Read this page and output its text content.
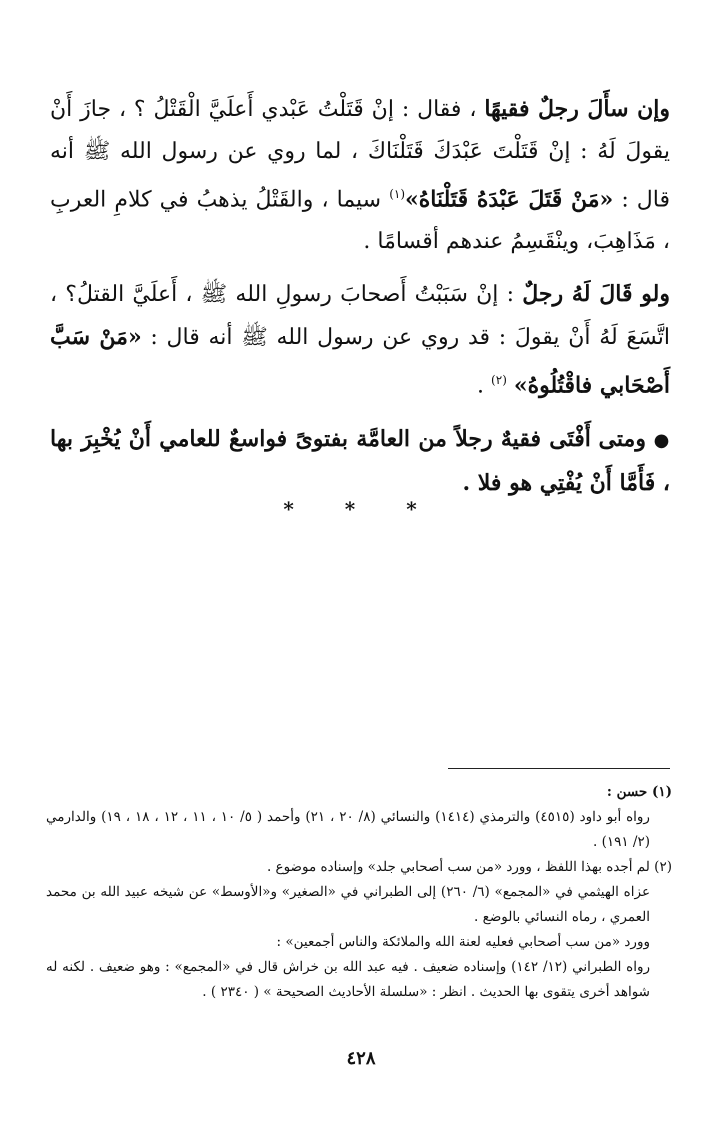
وإن سأَلَ رجلٌ فقيهًا ، فقال : إنْ قَتَلْتُ عَبْدي أَعلَيَّ الْقَتْلُ ؟ ، جازَ أَنْ يقولَ لَهُ : إنْ قَتَلْتَ عَبْدَكَ قَتَلْنَاكَ ، لما روي عن رسول الله ﷺ أنه قال : «مَنْ قَتَلَ عَبْدَهُ قَتَلْنَاهُ»$^{(١)}$ سيما ، والقَتْلُ يذهبُ في كلامِ العربِ ، مَذَاهِبَ، وينْقَسِمُ عندهم أقسامًا .

ولو قَالَ لَهُ رجلٌ : إنْ سَبَبْتُ أَصحابَ رسولِ الله ﷺ ، أَعلَيَّ القتلُ؟ ، اتَّسَعَ لَهُ أَنْ يقولَ : قد روي عن رسول الله ﷺ أنه قال : «مَنْ سَبَّ أَصْحَابي فاقْتُلُوهُ» $^{(٢)}$ .

● ومتى أَفْتَى فقيهٌ رجلاً من العامَّة بفتوىً فواسعٌ للعامي أَنْ يُخْبِرَ بها ، فَأَمَّا أَنْ يُفْتِي هو فلا .

* * *

(١) حسن :

رواه أبو داود (٤٥١٥) والترمذي (١٤١٤) والنسائي (٨/ ٢٠ ، ٢١) وأحمد ( ٥/ ١٠ ، ١١ ، ١٢ ، ١٨ ، ١٩) والدارمي (٢/ ١٩١) .

(٢) لم أجده بهذا اللفظ ، وورد «من سب أصحابي جلد» وإسناده موضوع .

عزاه الهيثمي في «المجمع» (٦/ ٢٦٠) إلى الطبراني في «الصغير» و«الأوسط» عن شيخه عبيد الله بن محمد العمري ، رماه النسائي بالوضع .

وورد «من سب أصحابي فعليه لعنة الله والملائكة والناس أجمعين» :

رواه الطبراني (١٢/ ١٤٢) وإسناده ضعيف . فيه عبد الله بن خراش قال في «المجمع» : وهو ضعيف . لكنه له شواهد أخرى يتقوى بها الحديث . انظر : «سلسلة الأحاديث الصحيحة » ( ٢٣٤٠ ) .

٤٢٨
